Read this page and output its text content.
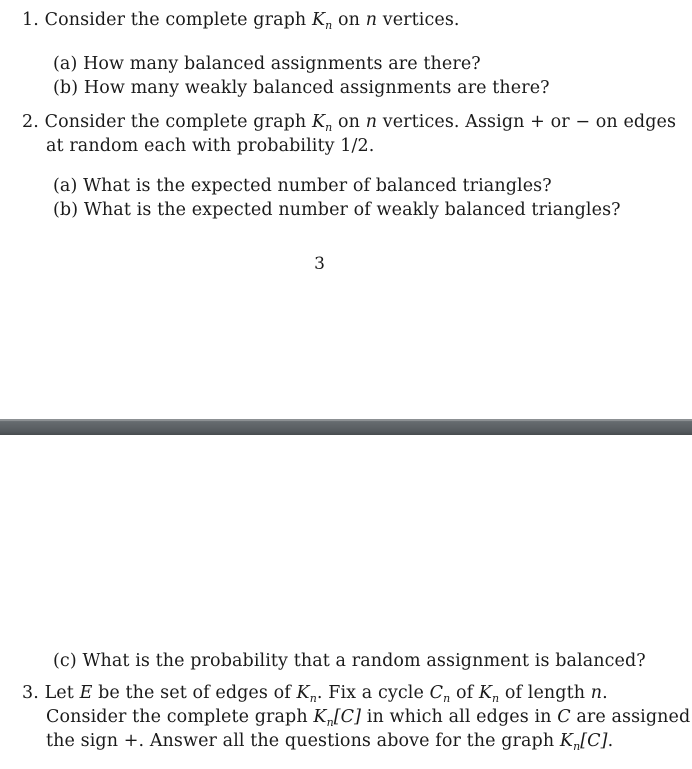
1. Consider the complete graph $K_n$ on n vertices.
(a) How many balanced assignments are there?
(b) How many weakly balanced assignments are there?
2. Consider the complete graph $K_n$ on n vertices. Assign + or − on edges
at random each with probability 1/2.
(a) What is the expected number of balanced triangles?
(b) What is the expected number of weakly balanced triangles?
3
(c) What is the probability that a random assignment is balanced?
3. Let E be the set of edges of $K_n$. Fix a cycle $C_n$ of $K_n$ of length n.
Consider the complete graph $K_n[C]$ in which all edges in C are assigned
the sign +. Answer all the questions above for the graph $K_n[C]$.
